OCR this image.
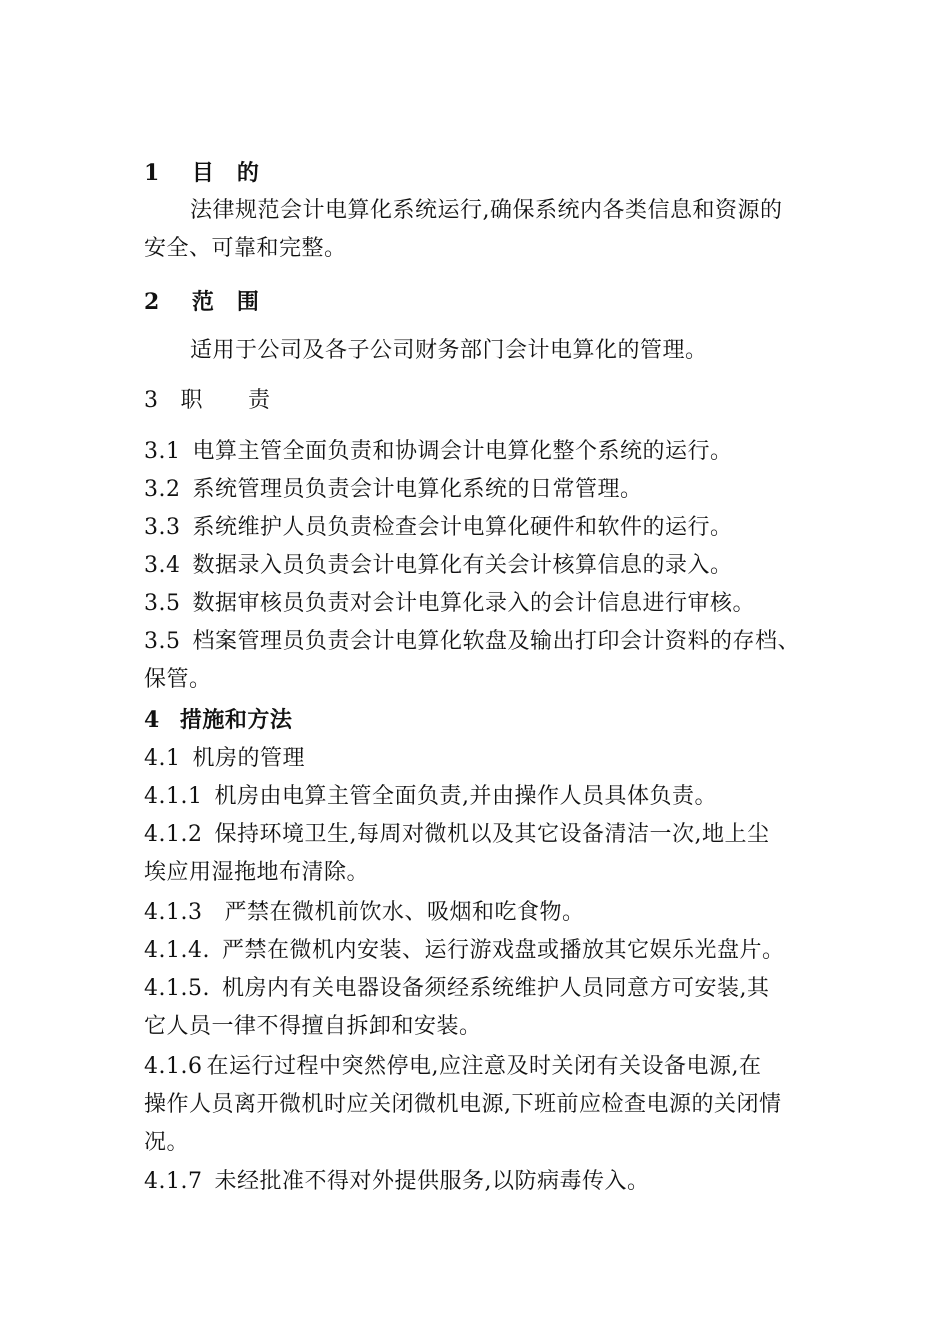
1 目　的
法律规范会计电算化系统运行,确保系统内各类信息和资源的
安全、可靠和完整。
2 范　围
适用于公司及各子公司财务部门会计电算化的管理。
3 职　　责
3.1 电算主管全面负责和协调会计电算化整个系统的运行。
3.2 系统管理员负责会计电算化系统的日常管理。
3.3 系统维护人员负责检查会计电算化硬件和软件的运行。
3.4 数据录入员负责会计电算化有关会计核算信息的录入。
3.5 数据审核员负责对会计电算化录入的会计信息进行审核。
3.5 档案管理员负责会计电算化软盘及输出打印会计资料的存档、
保管。
4 措施和方法
4.1 机房的管理
4.1.1 机房由电算主管全面负责,并由操作人员具体负责。
4.1.2 保持环境卫生,每周对微机以及其它设备清洁一次,地上尘
埃应用湿拖地布清除。
4.1.3 严禁在微机前饮水、吸烟和吃食物。
4.1.4. 严禁在微机内安装、运行游戏盘或播放其它娱乐光盘片。
4.1.5. 机房内有关电器设备须经系统维护人员同意方可安装,其
它人员一律不得擅自拆卸和安装。
4.1.6 在运行过程中突然停电,应注意及时关闭有关设备电源,在
操作人员离开微机时应关闭微机电源,下班前应检查电源的关闭情
况。
4.1.7 未经批准不得对外提供服务,以防病毒传入。
